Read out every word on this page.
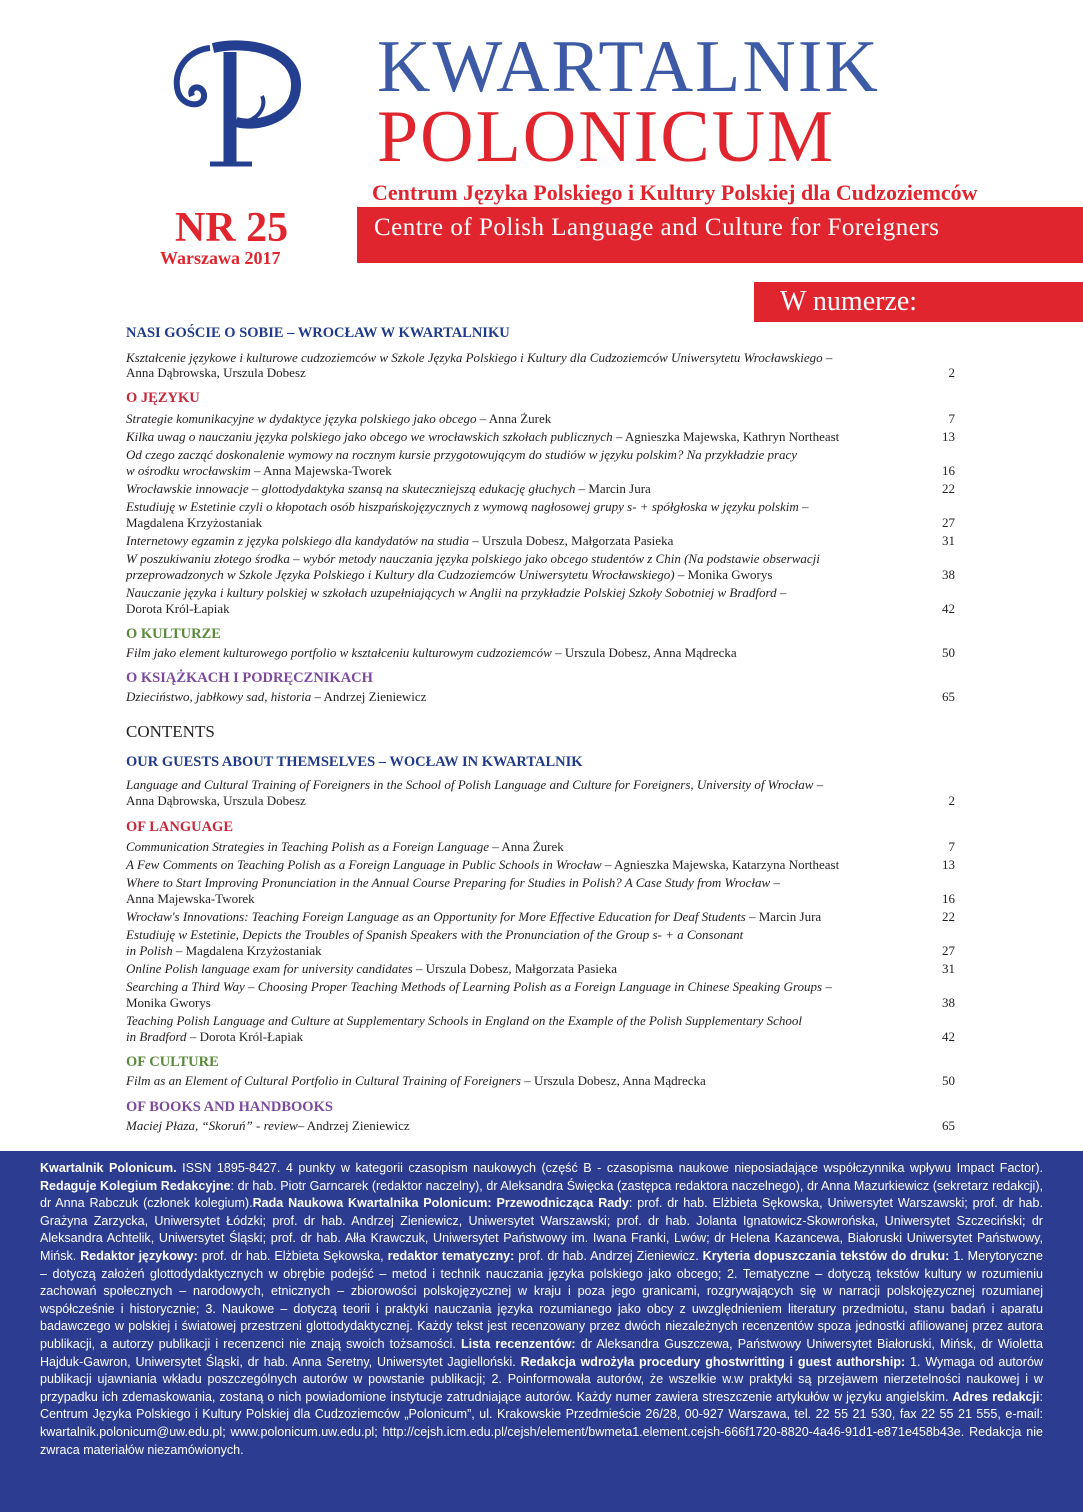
KWARTALNIK
POLONICUM
Centrum Języka Polskiego i Kultury Polskiej dla Cudzoziemców
NR 25
Warszawa 2017
Centre of Polish Language and Culture for Foreigners
W numerze:
NASI GOŚCIE O SOBIE – WROCŁAW W KWARTALNIKU
Kształcenie językowe i kulturowe cudzoziemców w Szkole Języka Polskiego i Kultury dla Cudzoziemców Uniwersytetu Wrocławskiego –
Anna Dąbrowska, Urszula Dobesz	2
O JĘZYKU
Strategie komunikacyjne w dydaktyce języka polskiego jako obcego – Anna Żurek	7
Kilka uwag o nauczaniu języka polskiego jako obcego we wrocławskich szkołach publicznych – Agnieszka Majewska, Kathryn Northeast	13
Od czego zacząć doskonalenie wymowy na rocznym kursie przygotowującym do studiów w języku polskim? Na przykładzie pracy
w ośrodku wrocławskim – Anna Majewska-Tworek	16
Wrocławskie innowacje – glottodydaktyka szansą na skuteczniejszą edukację głuchych – Marcin Jura	22
Estudiuję w Estetinie czyli o kłopotach osób hiszpańskojęzycznych z wymową nagłosowej grupy s- + spółgłoska w języku polskim –
Magdalena Krzyżostaniak	27
Internetowy egzamin z języka polskiego dla kandydatów na studia – Urszula Dobesz, Małgorzata Pasieka	31
W poszukiwaniu złotego środka – wybór metody nauczania języka polskiego jako obcego studentów z Chin (Na podstawie obserwacji
przeprowadzonych w Szkole Języka Polskiego i Kultury dla Cudzoziemców Uniwersytetu Wrocławskiego) – Monika Gworys	38
Nauczanie języka i kultury polskiej w szkołach uzupełniających w Anglii na przykładzie Polskiej Szkoły Sobotniej w Bradford –
Dorota Król-Łapiak	42
O KULTURZE
Film jako element kulturowego portfolio w kształceniu kulturowym cudzoziemców – Urszula Dobesz, Anna Mądrecka	50
O KSIĄŻKACH I PODRĘCZNIKACH
Dzieciństwo, jabłkowy sad, historia – Andrzej Zieniewicz	65
CONTENTS
OUR GUESTS ABOUT THEMSELVES – WOCŁAW IN KWARTALNIK
Language and Cultural Training of Foreigners in the School of Polish Language and Culture for Foreigners, University of Wrocław –
Anna Dąbrowska, Urszula Dobesz	2
OF LANGUAGE
Communication Strategies in Teaching Polish as a Foreign Language – Anna Żurek	7
A Few Comments on Teaching Polish as a Foreign Language in Public Schools in Wrocław – Agnieszka Majewska, Katarzyna Northeast	13
Where to Start Improving Pronunciation in the Annual Course Preparing for Studies in Polish? A Case Study from Wrocław –
Anna Majewska-Tworek	16
Wrocław's Innovations: Teaching Foreign Language as an Opportunity for More Effective Education for Deaf Students – Marcin Jura	22
Estudiuję w Estetinie, Depicts the Troubles of Spanish Speakers with the Pronunciation of the Group s- + a Consonant
in Polish – Magdalena Krzyżostaniak	27
Online Polish language exam for university candidates – Urszula Dobesz, Małgorzata Pasieka	31
Searching a Third Way – Choosing Proper Teaching Methods of Learning Polish as a Foreign Language in Chinese Speaking Groups –
Monika Gworys	38
Teaching Polish Language and Culture at Supplementary Schools in England on the Example of the Polish Supplementary School
in Bradford – Dorota Król-Łapiak	42
OF CULTURE
Film as an Element of Cultural Portfolio in Cultural Training of Foreigners – Urszula Dobesz, Anna Mądrecka	50
OF BOOKS AND HANDBOOKS
Maciej Płaza, “Skoruń” - review– Andrzej Zieniewicz	65
Kwartalnik Polonicum. ISSN 1895-8427. 4 punkty w kategorii czasopism naukowych (część B - czasopisma naukowe nieposiadające współczynnika wpływu Impact Factor). Redaguje Kolegium Redakcyjne: dr hab. Piotr Garncarek (redaktor naczelny), dr Aleksandra Święcka (zastępca redaktora naczelnego), dr Anna Mazurkiewicz (sekretarz redakcji), dr Anna Rabczuk (członek kolegium).Rada Naukowa Kwartalnika Polonicum: Przewodnicząca Rady: prof. dr hab. Elżbieta Sękowska, Uniwersytet Warszawski; prof. dr hab. Grażyna Zarzycka, Uniwersytet Łódzki; prof. dr hab. Andrzej Zieniewicz, Uniwersytet Warszawski; prof. dr hab. Jolanta Ignatowicz-Skowrońska, Uniwersytet Szczeciński; dr Aleksandra Achtelik, Uniwersytet Śląski; prof. dr hab. Ałła Krawczuk, Uniwersytet Państwowy im. Iwana Franki, Lwów; dr Helena Kazancewa, Białoruski Uniwersytet Państwowy, Mińsk. Redaktor językowy: prof. dr hab. Elżbieta Sękowska, redaktor tematyczny: prof. dr hab. Andrzej Zieniewicz. Kryteria dopuszczania tekstów do druku: 1. Merytoryczne – dotyczą założeń glottodydaktycznych w obrębie podejść – metod i technik nauczania języka polskiego jako obcego; 2. Tematyczne – dotyczą tekstów kultury w rozumieniu zachowań społecznych – narodowych, etnicznych – zbiorowości polskojęzycznej w kraju i poza jego granicami, rozgrywających się w narracji polskojęzycznej rozumianej współcześnie i historycznie; 3. Naukowe – dotyczą teorii i praktyki nauczania języka rozumianego jako obcy z uwzględnieniem literatury przedmiotu, stanu badań i aparatu badawczego w polskiej i światowej przestrzeni glottodydaktycznej. Każdy tekst jest recenzowany przez dwóch niezależnych recenzentów spoza jednostki afiliowanej przez autora publikacji, a autorzy publikacji i recenzenci nie znają swoich tożsamości. Lista recenzentów: dr Aleksandra Guszczewa, Państwowy Uniwersytet Białoruski, Mińsk, dr Wioletta Hajduk-Gawron, Uniwersytet Śląski, dr hab. Anna Seretny, Uniwersytet Jagielloński. Redakcja wdrożyła procedury ghostwritting i guest authorship: 1. Wymaga od autorów publikacji ujawniania wkładu poszczególnych autorów w powstanie publikacji; 2. Poinformowała autorów, że wszelkie w.w praktyki są przejawem nierzetelności naukowej i w przypadku ich zdemaskowania, zostaną o nich powiadomione instytucje zatrudniające autorów. Każdy numer zawiera streszczenie artykułów w języku angielskim. Adres redakcji: Centrum Języka Polskiego i Kultury Polskiej dla Cudzoziemców „Polonicum”, ul. Krakowskie Przedmieście 26/28, 00-927 Warszawa, tel. 22 55 21 530, fax 22 55 21 555, e-mail: kwartalnik.polonicum@uw.edu.pl; www.polonicum.uw.edu.pl; http://cejsh.icm.edu.pl/cejsh/element/bwmeta1.element.cejsh-666f1720-8820-4a46-91d1-e871e458b43e. Redakcja nie zwraca materiałów niezamówionych.
